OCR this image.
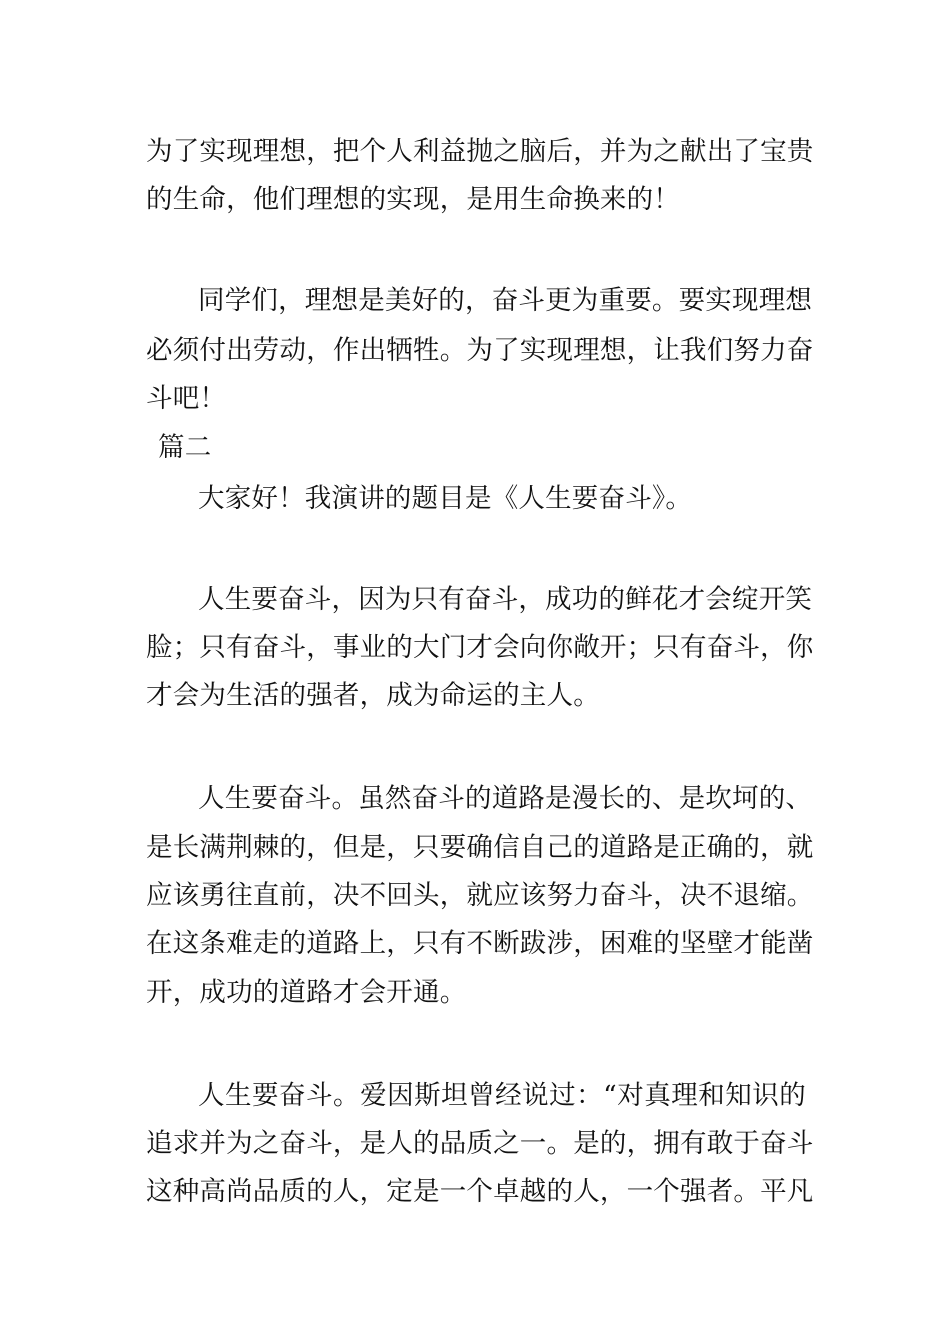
为了实现理想，把个人利益抛之脑后，并为之献出了宝贵
的生命，他们理想的实现，是用生命换来的！
同学们，理想是美好的，奋斗更为重要。要实现理想
必须付出劳动，作出牺牲。为了实现理想，让我们努力奋
斗吧！
篇二
大家好！我演讲的题目是《人生要奋斗》。
人生要奋斗，因为只有奋斗，成功的鲜花才会绽开笑
脸；只有奋斗，事业的大门才会向你敞开；只有奋斗，你
才会为生活的强者，成为命运的主人。
人生要奋斗。虽然奋斗的道路是漫长的、是坎坷的、
是长满荆棘的，但是，只要确信自己的道路是正确的，就
应该勇往直前，决不回头，就应该努力奋斗，决不退缩。
在这条难走的道路上，只有不断跋涉，困难的坚壁才能凿
开，成功的道路才会开通。
人生要奋斗。爱因斯坦曾经说过：“对真理和知识的
追求并为之奋斗，是人的品质之一。是的，拥有敢于奋斗
这种高尚品质的人，定是一个卓越的人，一个强者。平凡
